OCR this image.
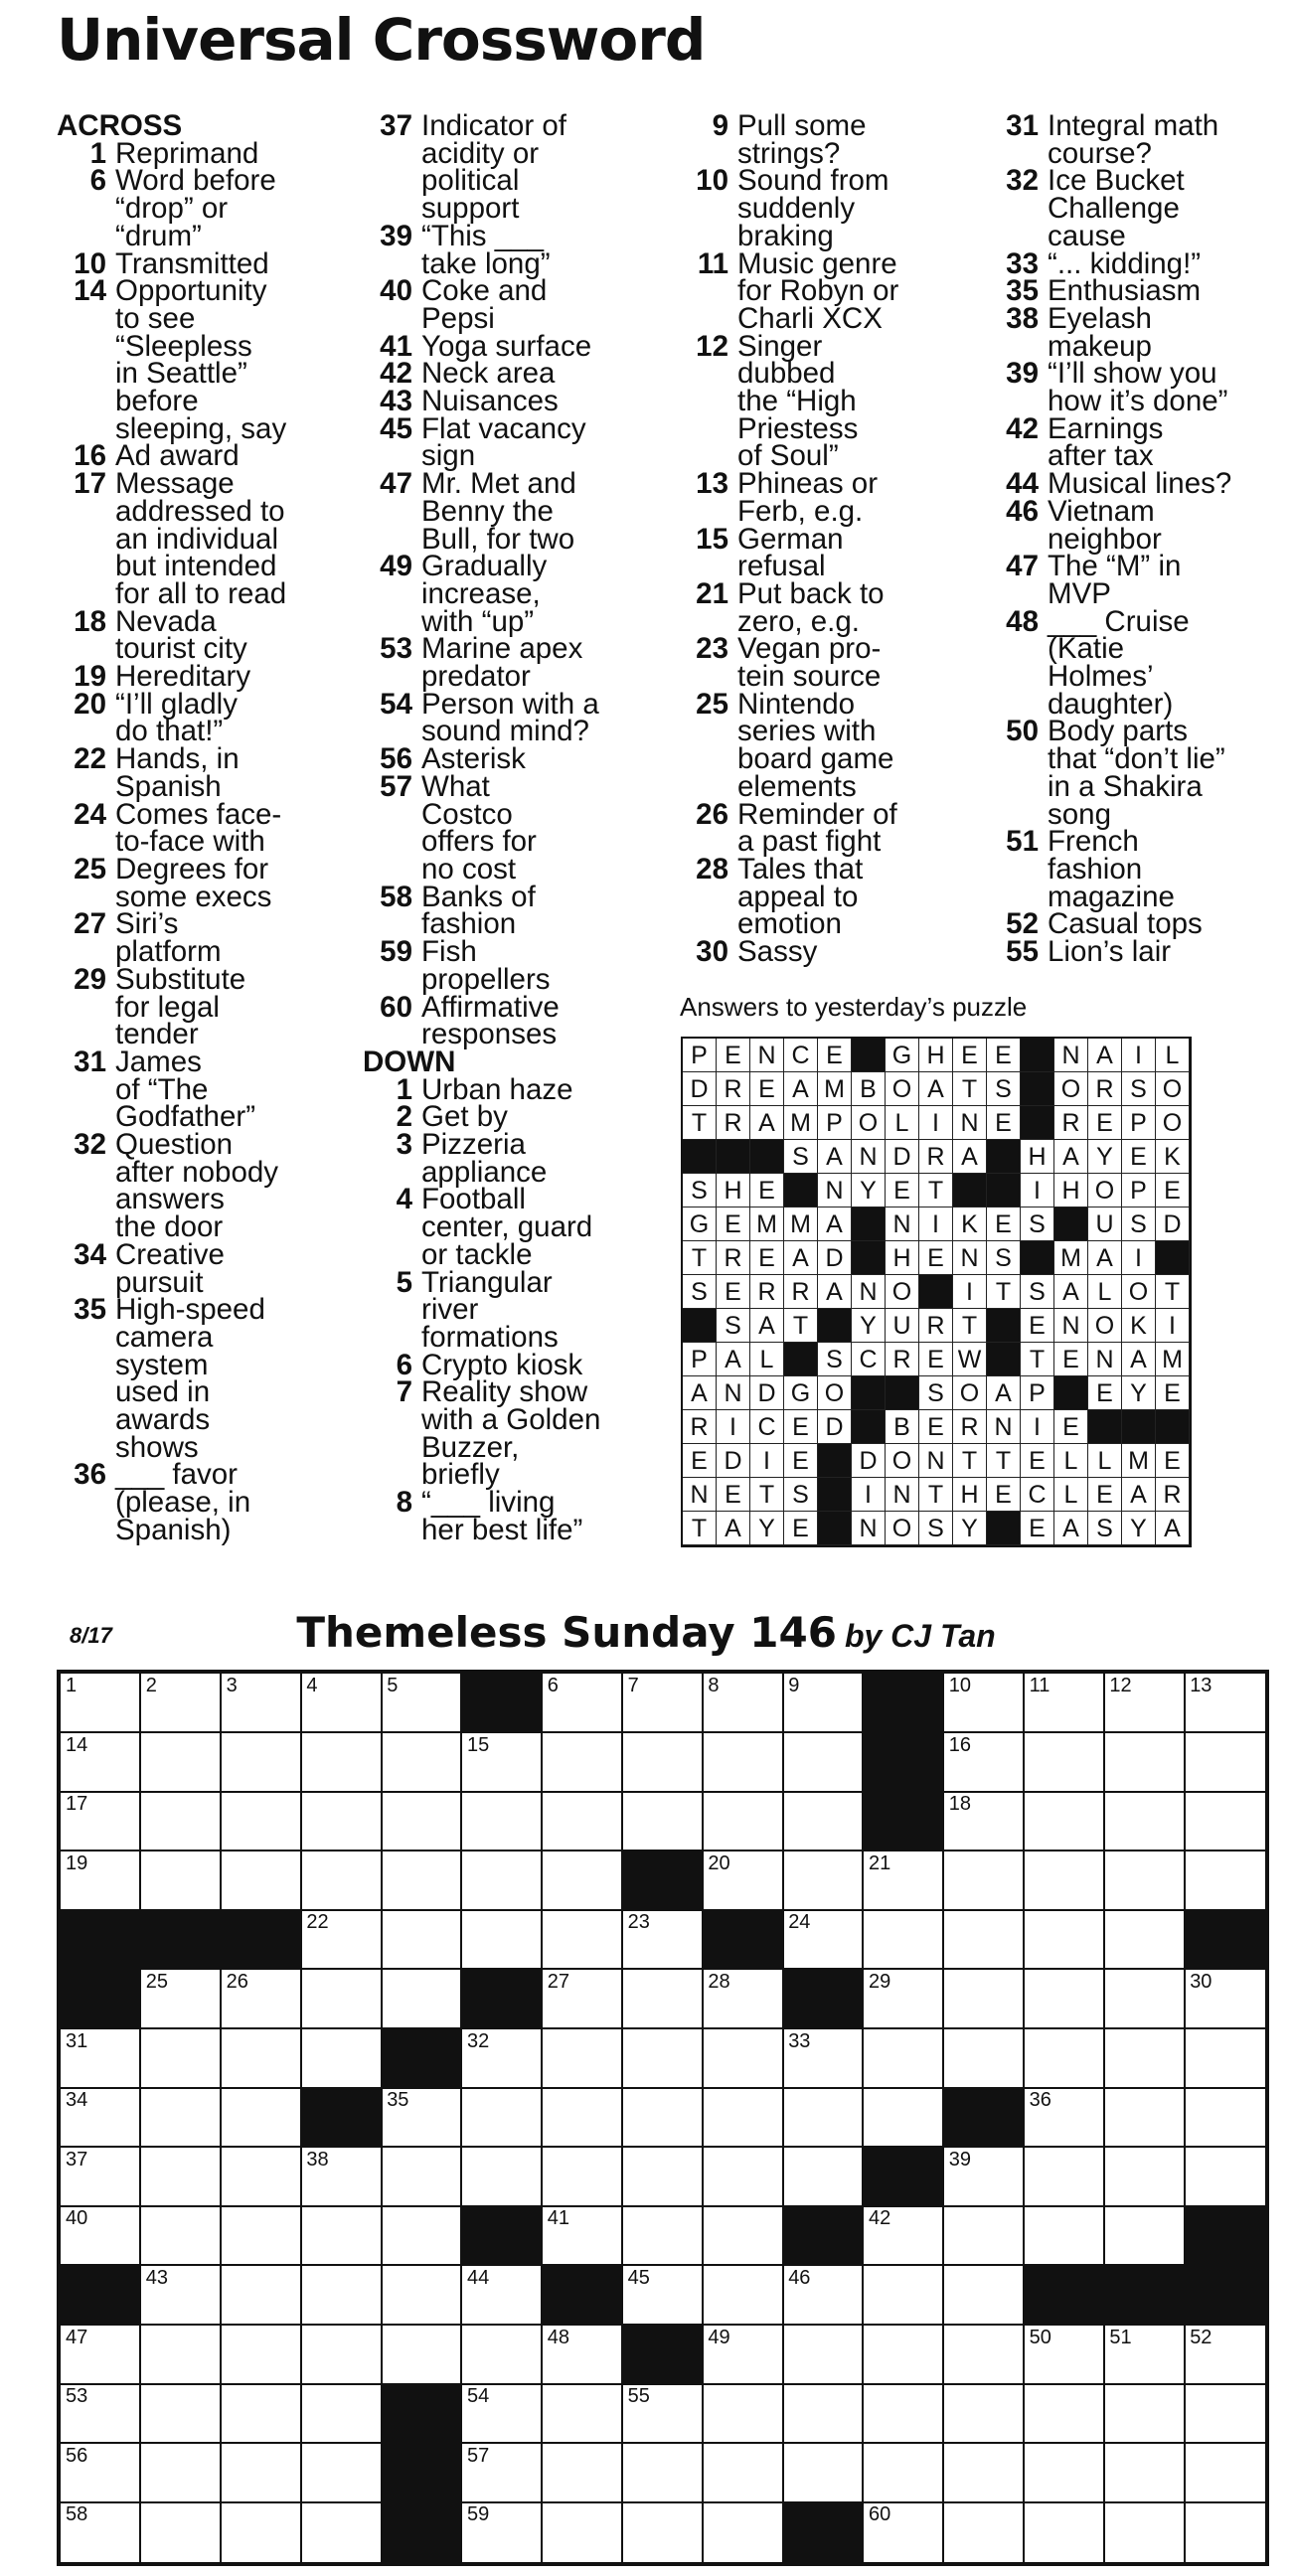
Universal Crossword
ACROSS
1 Reprimand
6 Word before
“drop” or
“drum”
10 Transmitted
14 Opportunity
to see
“Sleepless
in Seattle”
before
sleeping, say
16 Ad award
17 Message
addressed to
an individual
but intended
for all to read
18 Nevada
tourist city
19 Hereditary
20 “I’ll gladly
do that!”
22 Hands, in
Spanish
24 Comes face-
to-face with
25 Degrees for
some execs
27 Siri’s
platform
29 Substitute
for legal
tender
31 James
of “The
Godfather”
32 Question
after nobody
answers
the door
34 Creative
pursuit
35 High-speed
camera
system
used in
awards
shows
36 ___ favor
(please, in
Spanish)
37 Indicator of
acidity or
political
support
39 “This ___
take long”
40 Coke and
Pepsi
41 Yoga surface
42 Neck area
43 Nuisances
45 Flat vacancy
sign
47 Mr. Met and
Benny the
Bull, for two
49 Gradually
increase,
with “up”
53 Marine apex
predator
54 Person with a
sound mind?
56 Asterisk
57 What
Costco
offers for
no cost
58 Banks of
fashion
59 Fish
propellers
60 Affirmative
responses
DOWN
1 Urban haze
2 Get by
3 Pizzeria
appliance
4 Football
center, guard
or tackle
5 Triangular
river
formations
6 Crypto kiosk
7 Reality show
with a Golden
Buzzer,
briefly
8 “___ living
her best life”
9 Pull some
strings?
10 Sound from
suddenly
braking
11 Music genre
for Robyn or
Charli XCX
12 Singer
dubbed
the “High
Priestess
of Soul”
13 Phineas or
Ferb, e.g.
15 German
refusal
21 Put back to
zero, e.g.
23 Vegan pro-
tein source
25 Nintendo
series with
board game
elements
26 Reminder of
a past fight
28 Tales that
appeal to
emotion
30 Sassy
31 Integral math
course?
32 Ice Bucket
Challenge
cause
33 “... kidding!”
35 Enthusiasm
38 Eyelash
makeup
39 “I’ll show you
how it’s done”
42 Earnings
after tax
44 Musical lines?
46 Vietnam
neighbor
47 The “M” in
MVP
48 ___ Cruise
(Katie
Holmes’
daughter)
50 Body parts
that “don’t lie”
in a Shakira
song
51 French
fashion
magazine
52 Casual tops
55 Lion’s lair
Answers to yesterday’s puzzle
P E N C E	G H E E	N A I L
D R E A M B O A T S	O R S O
T R A M P O L I N E	R E P O
S A N D R A	H A Y E K
S H E	N Y E T	I H O P E
G E M M A	N I K E S	U S D
T R E A D	H E N S	M A I
S E R R A N O	I T S A L O T
S A T	Y U R T	E N O K I
P A L	S C R E W	T E N A M
A N D G O	S O A P	E Y E
R I C E D	B E R N I E
E D I E	D O N T T E L L M E
N E T S	I N T H E C L E A R
T A Y E	N O S Y	E A S Y A
8/17	Themeless Sunday 146 by CJ Tan
1	2	3	4	5	6	7	8	9	10	11	12	13
14	15	16
17	18
19	20	21
22	23	24
25	26	27	28	29	30
31	32	33
34	35	36
37	38	39
40	41	42
43	44	45	46
47	48	49	50	51	52
53	54	55
56	57
58	59	60
